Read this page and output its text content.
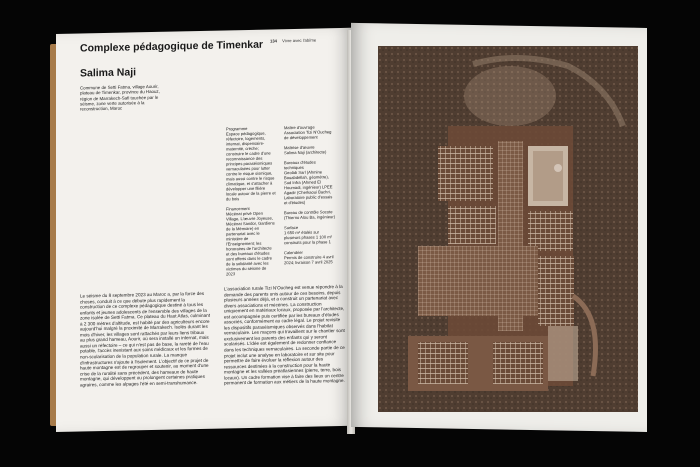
Complexe pédagogique de Timenkar
Salima Naji
134 Vivre avec l'abîme
Commune de Setti Fatma, village Aourir, plateau de Timenkar, province du Haouz, région de Marrakech-Safi touchée par le séisme, zone verte autorisée à la reconstruction, Maroc
Programme
Espace pédagogique, réfectoire, logements, internat, dispensaire-maternité, crèche; construire le cadre d'une reconnaissance des principes paraséismiques vernaculaires pour lutter contre le risque sismique, mais aussi contre le risque climatique, et s'attacher à développer une filière locale autour de la pierre et du bois

Financement
Mécénat privé Open Village, L'œuvre Joyeuse, Mécénat Sandor, Gardiens de la Mémoire) en partenariat avec le ministère de l'Enseignement; les honoraires de l'architecte et des bureaux d'études sont offerts dans le cadre de la solidarité avec les victimes du séisme de 2023
Maître d'ouvrage
Association Tizi N'Oucheg de développement

Maîtrise d'œuvre
Salima Naji (architecte)

Bureaux d'études techniques
Geolab Sarl (Ahmine Bouabdellah, géomètre), Sud Infra (Ahmed El Houmadi, ingénieur) LPEE Agadir (Cherkaoui Bachri, Laboratoire public d'essais et d'études)

Bureau de contrôle Socote (Thierno Alou Ba, ingénieur)

Surface
1 650 m² étalés sur plusieurs phases 1 100 m² construits pour la phase 1

Calendrier
Permis de construire 4 avril 2024; livraison 7 avril 2025
Le séisme du 8 septembre 2023 au Maroc a, par la force des choses, conduit à ce que débute plus rapidement la construction de ce complexe pédagogique destiné à tous les enfants et jeunes adolescents de l'ensemble des villages de la zone isolée de Setti Fatma. Ce plateau du Haut Atlas, culminant à 2 300 mètres d'altitude, est habité par des agriculteurs encore aujourd'hui malgré la proximité de Marrakech. Isolés durant les mois d'hiver, les villages sont rattachés par leurs liens tribaux au plus grand hameau, Aourir, où sera installé un internat, mais aussi un réfectoire – ce qui n'est pas de base, la rareté de l'eau potable, l'accès inexistant aux soins médicaux et les formes de non-scolarisation de la population rurale. La manque d'infrastructures s'ajoute à l'isolement. L'objectif de ce projet de haute montagne est de regrouper et soutenir, au moment d'une crise de la ruralité sans précédent, des hameaux de haute montagne, qui développent ou prolongent certaines pratiques agraires, comme les alpages l'été en semi-transhumance.
L'association rurale Tizi N'Oucheg est venue répondre à la demande des parents unis autour de ces besoins, depuis plusieurs années déjà, et a construit un partenariat avec divers associations et mécènes. La construction uniquement en matériaux locaux, proposée par l'architecte, est accompagnée puis certifiée par les bureaux d'études associés, conformément au cadre légal. Le projet revisite les dispositifs paraséismiques observés dans l'habitat vernaculaire. Les maçons qui travaillent sur le chantier sont exclusivement les parents des enfants qui y seront scolarisés. L'idée est également de redonner confiance dans les techniques vernaculaires. La seconde partie de ce projet inclut une analyse en laboratoire et sur site pour permettre de faire évoluer la réflexion autour des ressources destinées à la construction pour la haute montagne et les vallées préatlasiennes (pierre, terre, bois locaux). Un cadre formation vise à faire des lieux un centre permanent de formation aux métiers de la haute montagne.
